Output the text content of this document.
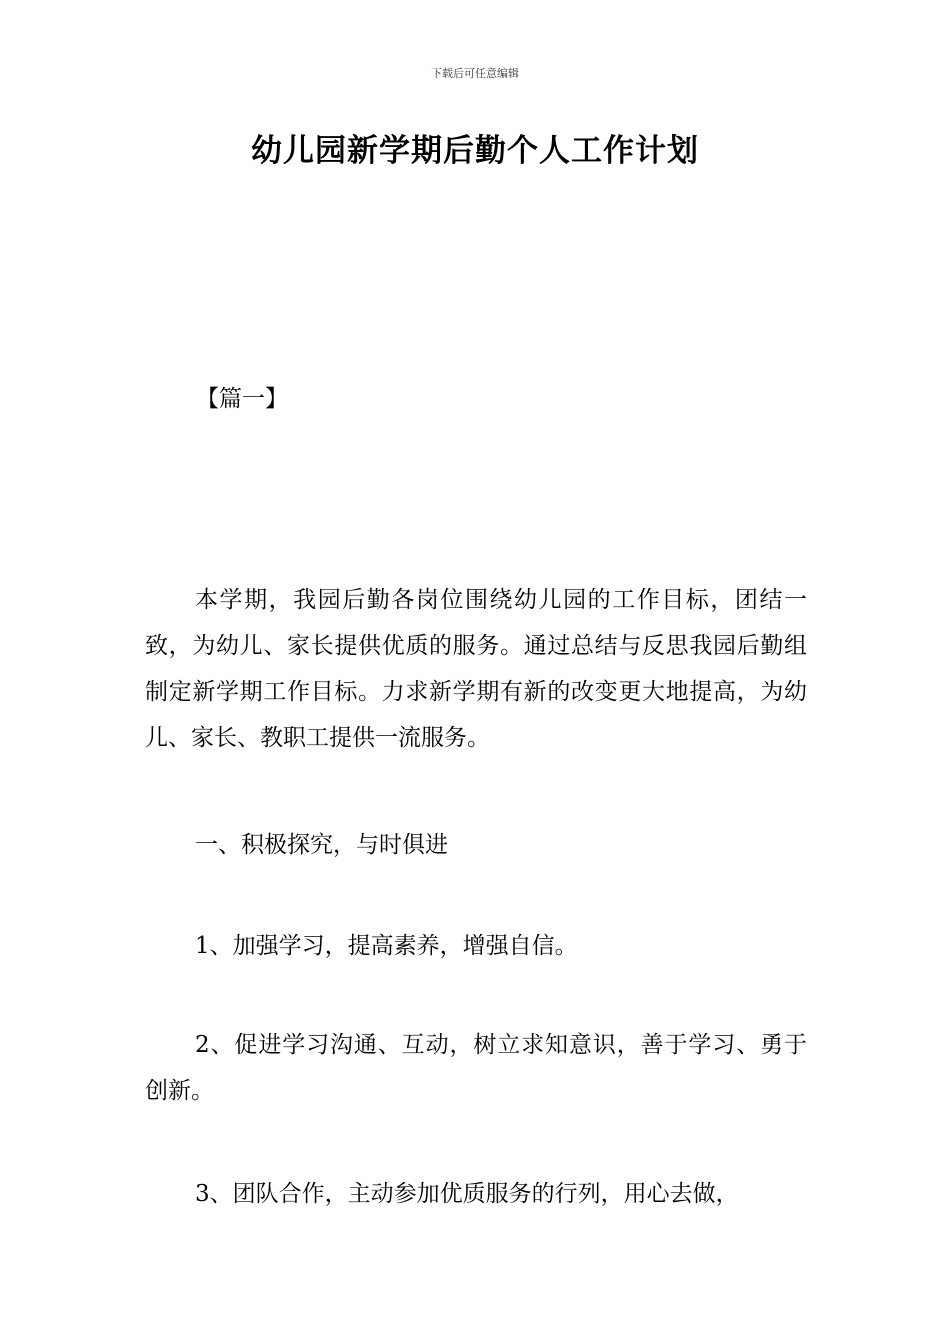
下载后可任意编辑
幼儿园新学期后勤个人工作计划
【篇一】

本学期，我园后勤各岗位围绕幼儿园的工作目标，团结一致，为幼儿、家长提供优质的服务。通过总结与反思我园后勤组制定新学期工作目标。力求新学期有新的改变更大地提高，为幼儿、家长、教职工提供一流服务。

一、积极探究，与时俱进

1、加强学习，提高素养，增强自信。

2、促进学习沟通、互动，树立求知意识，善于学习、勇于创新。

3、团队合作，主动参加优质服务的行列，用心去做，
